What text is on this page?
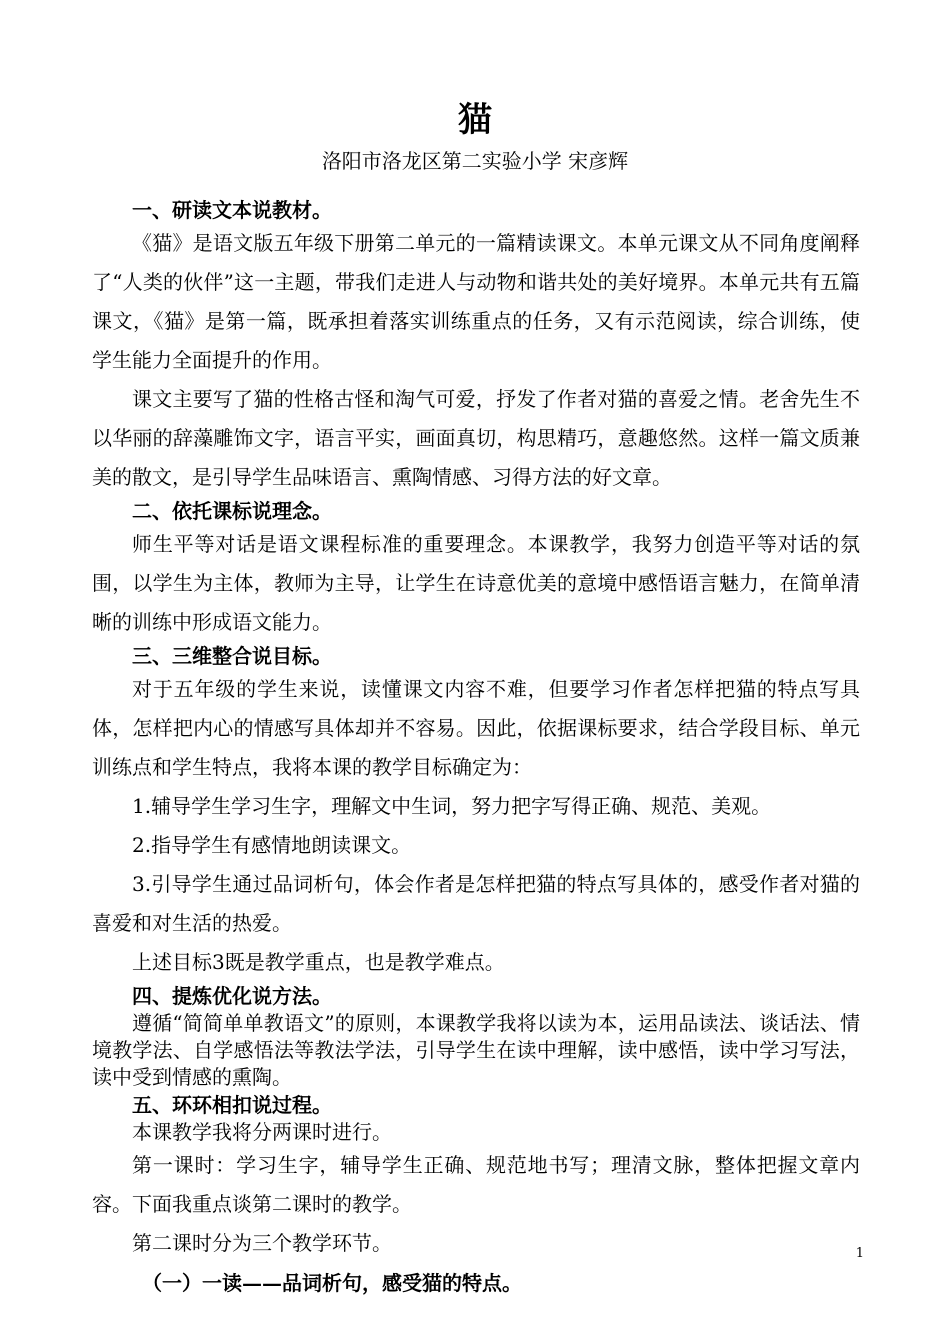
猫
洛阳市洛龙区第二实验小学 宋彦辉

一、研读文本说教材。

《猫》是语文版五年级下册第二单元的一篇精读课文。本单元课文从不同角度阐释了“人类的伙伴”这一主题，带我们走进人与动物和谐共处的美好境界。本单元共有五篇课文，《猫》是第一篇，既承担着落实训练重点的任务，又有示范阅读，综合训练，使学生能力全面提升的作用。

课文主要写了猫的性格古怪和淘气可爱，抒发了作者对猫的喜爱之情。老舍先生不以华丽的辞藻雕饰文字，语言平实，画面真切，构思精巧，意趣悠然。这样一篇文质兼美的散文，是引导学生品味语言、熏陶情感、习得方法的好文章。

二、依托课标说理念。

师生平等对话是语文课程标准的重要理念。本课教学，我努力创造平等对话的氛围，以学生为主体，教师为主导，让学生在诗意优美的意境中感悟语言魅力，在简单清晰的训练中形成语文能力。

三、三维整合说目标。

对于五年级的学生来说，读懂课文内容不难，但要学习作者怎样把猫的特点写具体，怎样把内心的情感写具体却并不容易。因此，依据课标要求，结合学段目标、单元训练点和学生特点，我将本课的教学目标确定为：

1.辅导学生学习生字，理解文中生词，努力把字写得正确、规范、美观。

2.指导学生有感情地朗读课文。

3.引导学生通过品词析句，体会作者是怎样把猫的特点写具体的，感受作者对猫的喜爱和对生活的热爱。

上述目标3既是教学重点，也是教学难点。

四、提炼优化说方法。

遵循“简简单单教语文”的原则，本课教学我将以读为本，运用品读法、谈话法、情境教学法、自学感悟法等教法学法，引导学生在读中理解，读中感悟，读中学习写法，读中受到情感的熏陶。

五、环环相扣说过程。

本课教学我将分两课时进行。

第一课时：学习生字，辅导学生正确、规范地书写；理清文脉，整体把握文章内容。下面我重点谈第二课时的教学。

第二课时分为三个教学环节。

（一）一读——品词析句，感受猫的特点。

1
